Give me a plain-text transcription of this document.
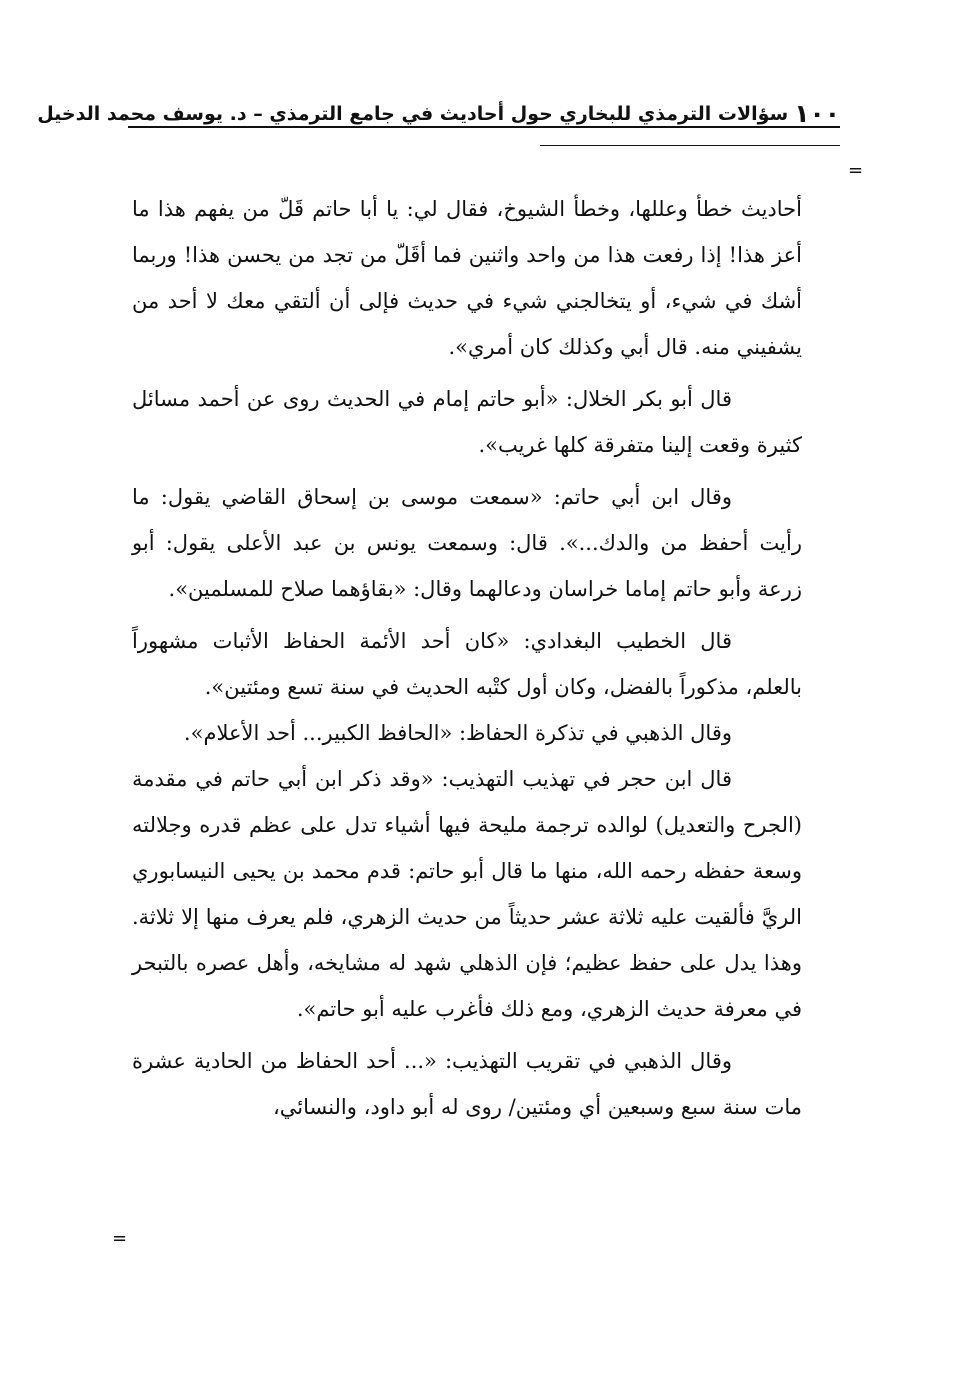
١٠٠
سؤالات الترمذي للبخاري حول أحاديث في جامع الترمذي – د. يوسف محمد الدخيل
=

أحاديث خطأ وعللها، وخطأ الشيوخ، فقال لي: يا أبا حاتم قَلّ من يفهم هذا ما أعز هذا! إذا رفعت هذا من واحد واثنين فما أقَلّ من تجد من يحسن هذا! وربما أشك في شيء، أو يتخالجني شيء في حديث فإلى أن ألتقي معك لا أحد من يشفيني منه. قال أبي وكذلك كان أمري».

قال أبو بكر الخلال: «أبو حاتم إمام في الحديث روى عن أحمد مسائل كثيرة وقعت إلينا متفرقة كلها غريب».

وقال ابن أبي حاتم: «سمعت موسى بن إسحاق القاضي يقول: ما رأيت أحفظ من والدك...». قال: وسمعت يونس بن عبد الأعلى يقول: أبو زرعة وأبو حاتم إماما خراسان ودعالهما وقال: «بقاؤهما صلاح للمسلمين».

قال الخطيب البغدادي: «كان أحد الأئمة الحفاظ الأثبات مشهوراً بالعلم، مذكوراً بالفضل، وكان أول كتْبه الحديث في سنة تسع ومئتين».

وقال الذهبي في تذكرة الحفاظ: «الحافظ الكبير... أحد الأعلام».

قال ابن حجر في تهذيب التهذيب: «وقد ذكر ابن أبي حاتم في مقدمة (الجرح والتعديل) لوالده ترجمة مليحة فيها أشياء تدل على عظم قدره وجلالته وسعة حفظه رحمه الله، منها ما قال أبو حاتم: قدم محمد بن يحيى النيسابوري الريَّ فألقيت عليه ثلاثة عشر حديثاً من حديث الزهري، فلم يعرف منها إلا ثلاثة. وهذا يدل على حفظ عظيم؛ فإن الذهلي شهد له مشايخه، وأهل عصره بالتبحر في معرفة حديث الزهري، ومع ذلك فأغرب عليه أبو حاتم».

وقال الذهبي في تقريب التهذيب: «... أحد الحفاظ من الحادية عشرة مات سنة سبع وسبعين أي ومئتين/ روى له أبو داود، والنسائي،

=
